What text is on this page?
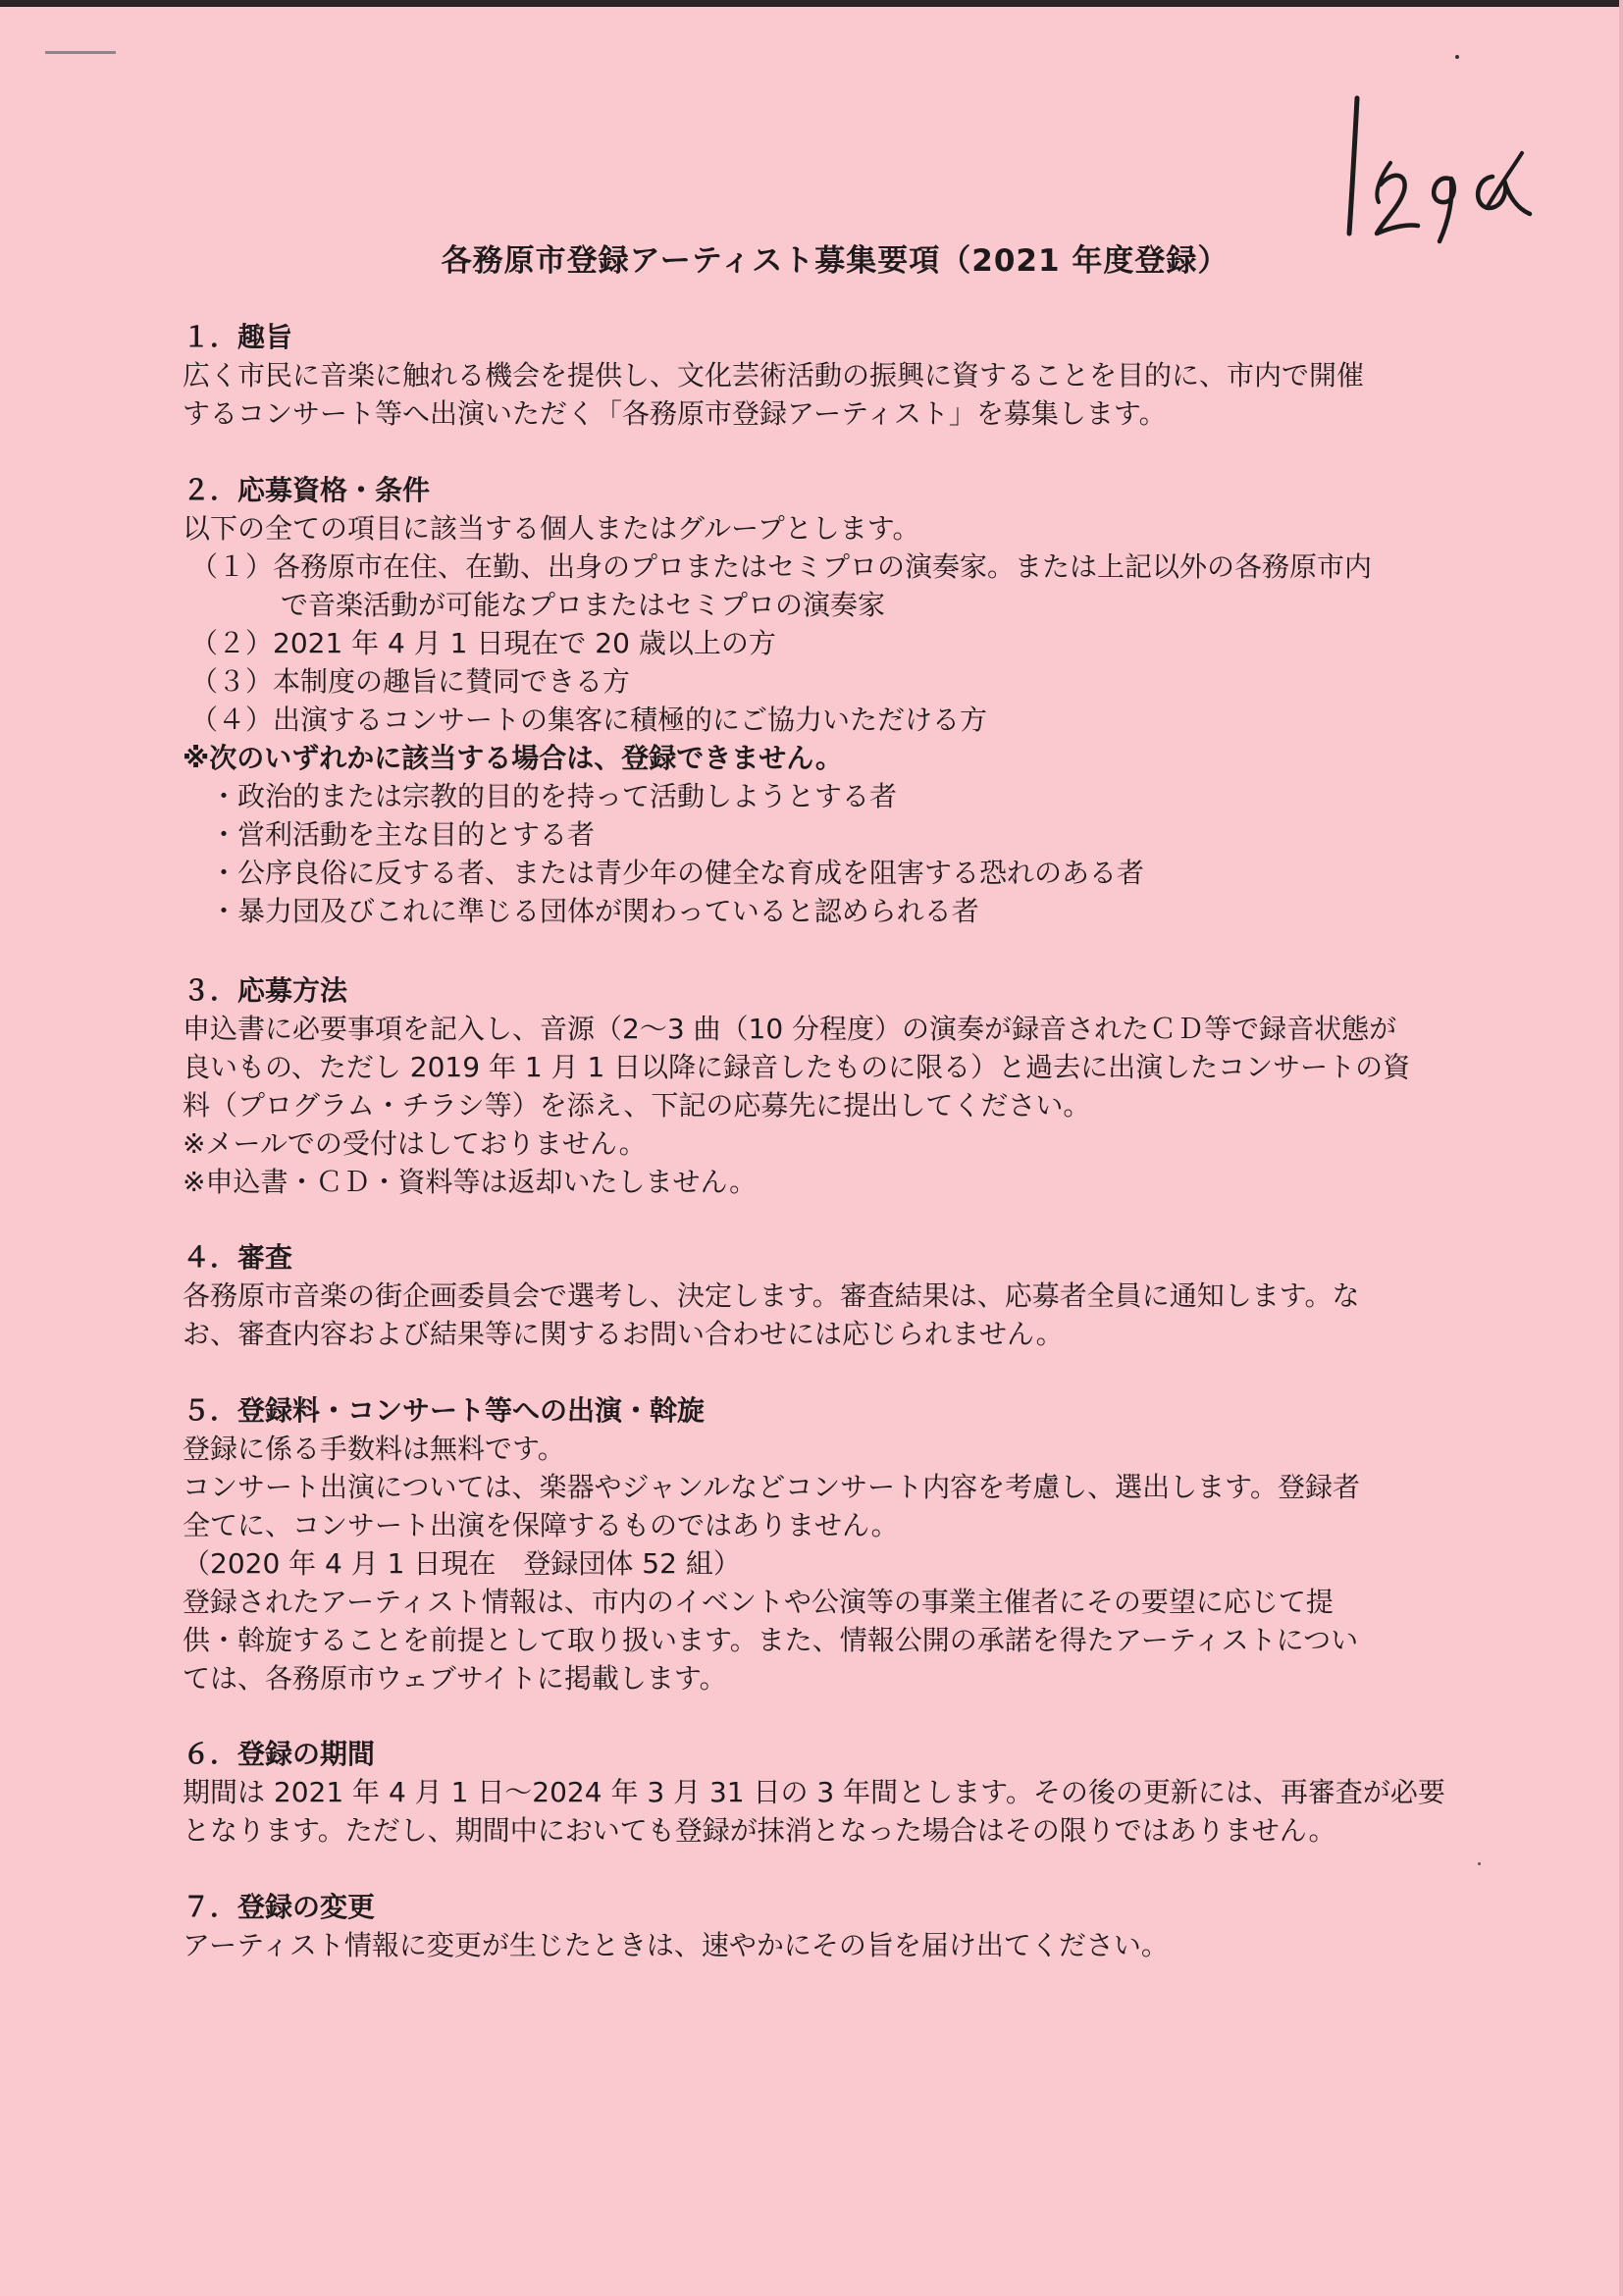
各務原市登録アーティスト募集要項（2021 年度登録）
１．趣旨
広く市民に音楽に触れる機会を提供し、文化芸術活動の振興に資することを目的に、市内で開催
するコンサート等へ出演いただく「各務原市登録アーティスト」を募集します。
２．応募資格・条件
以下の全ての項目に該当する個人またはグループとします。
（１）各務原市在住、在勤、出身のプロまたはセミプロの演奏家。または上記以外の各務原市内
で音楽活動が可能なプロまたはセミプロの演奏家
（２）2021 年 4 月 1 日現在で 20 歳以上の方
（３）本制度の趣旨に賛同できる方
（４）出演するコンサートの集客に積極的にご協力いただける方
※次のいずれかに該当する場合は、登録できません。
・政治的または宗教的目的を持って活動しようとする者
・営利活動を主な目的とする者
・公序良俗に反する者、または青少年の健全な育成を阻害する恐れのある者
・暴力団及びこれに準じる団体が関わっていると認められる者
３．応募方法
申込書に必要事項を記入し、音源（2～3 曲（10 分程度）の演奏が録音されたＣＤ等で録音状態が
良いもの、ただし 2019 年 1 月 1 日以降に録音したものに限る）と過去に出演したコンサートの資
料（プログラム・チラシ等）を添え、下記の応募先に提出してください。
※メールでの受付はしておりません。
※申込書・ＣＤ・資料等は返却いたしません。
４．審査
各務原市音楽の街企画委員会で選考し、決定します。審査結果は、応募者全員に通知します。な
お、審査内容および結果等に関するお問い合わせには応じられません。
５．登録料・コンサート等への出演・斡旋
登録に係る手数料は無料です。
コンサート出演については、楽器やジャンルなどコンサート内容を考慮し、選出します。登録者
全てに、コンサート出演を保障するものではありません。
（2020 年 4 月 1 日現在　登録団体 52 組）
登録されたアーティスト情報は、市内のイベントや公演等の事業主催者にその要望に応じて提
供・斡旋することを前提として取り扱います。また、情報公開の承諾を得たアーティストについ
ては、各務原市ウェブサイトに掲載します。
６．登録の期間
期間は 2021 年 4 月 1 日～2024 年 3 月 31 日の 3 年間とします。その後の更新には、再審査が必要
となります。ただし、期間中においても登録が抹消となった場合はその限りではありません。
７．登録の変更
アーティスト情報に変更が生じたときは、速やかにその旨を届け出てください。
